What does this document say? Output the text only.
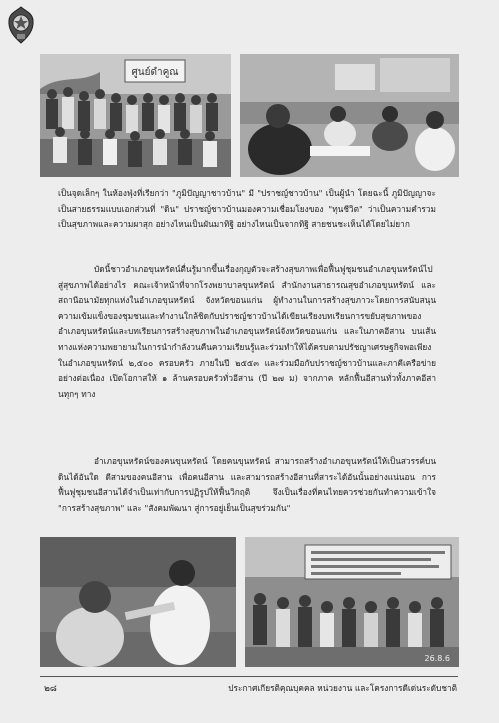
ศูนย์ดำคูณ

เป็นจุดเล็กๆ ในห้องฟุ่งที่เรียกว่า "ภูมิปัญญาชาวบ้าน" มี "ปราชญ์ชาวบ้าน" เป็นผู้นำ โดยฉะนี้ ภูมิปัญญาจะเป็นสายธรรมแบบเอกส่วนที่ "ดิน" ปราชญ์ชาวบ้านมองความเชื่อมโยงของ "ทุนชีวิต" ว่าเป็นความคำรวม เป็นสุขภาพและความผาสุก อย่างไหนเป็นผันมาทิฐิ อย่างไหนเป็นจากทิฐิ สายชนชะเห็นได้โดยไม่ยาก

บัดนี้ชาวอำเภอขุนหรัตน์ตื่นรู้มากขึ้นเรื่องกุญตัวจะสร้างสุขภาพเพื่อฟื้นฟูชุมชนอำเภอขุนหรัตน์ไปสู่สุขภาพได้อย่างไร คณะเจ้าหน้าที่จากโรงพยาบาลขุนหรัตน์ สำนักงานสาธารณสุขอำเภอขุนหรัตน์ และสถานีอนามัยทุกแห่งในอำเภอขุนหรัตน์ จังหวัดขอนแก่น ผู้ทำงานในการสร้างสุขภาวะโดยการสนับสนุนความเข้มแข็งของชุมชนและทำงานใกล้ชิดกับปราชญ์ชาวบ้านได้เขียนเรียงบทเรียนการขยับสุขภาพของอำเภอขุนหรัตน์และบทเรียนการสร้างสุขภาพในอำเภอขุนหรัตน์จังหวัดขอนแก่น และในภาคอีสาน บนเส้นทางแห่งความพยายามในการนำกำลังวนคืนความเรียนรู้และร่วมทำให้ได้ครบตามปรัชญาเศรษฐกิจพอเพียงในอำเภอขุนหรัตน์ ๒,๕๐๐ ครอบครัว ภายในปี ๒๕๕๓ และร่วมมือกับปราชญ์ชาวบ้านและภาคีเครือข่ายอย่างต่อเนื่อง เปิดโอกาสให้ ๑ ล้านครอบครัวทั่วอีสาน (ปี ๒๗ ม) จากภาค หลักฟื้นอีสานทั่วทั้งภาคอีสานทุกๆ ทาง

อำเภอขุนหรัตน์ของคนขุนหรัตน์ โดยคนขุนหรัตน์ สามารถสร้างอำเภอขุนหรัตน์ให้เป็นสวรรค์บนดินได้อันใด ดีสามของคนอีสาน เพื่อคนอีสาน และสามารถสร้างอีสานที่สาระได้อันนั้นอย่างแน่นอน การฟื้นฟูชุมชนอีสานได้จำเป็นเท่ากับการปฏิรูปให้ฟื้นวิกฤติ จึงเป็นเรื่องที่คนไทยควรช่วยกันทำความเข้าใจ "การสร้างสุขภาพ" และ "สังคมพัฒนา สู่การอยู่เย็นเป็นสุขร่วมกัน"

26.8.6
๒๘	ประกาศเกียรติคุณบุคคล หน่วยงาน และโครงการดีเด่นระดับชาติ
